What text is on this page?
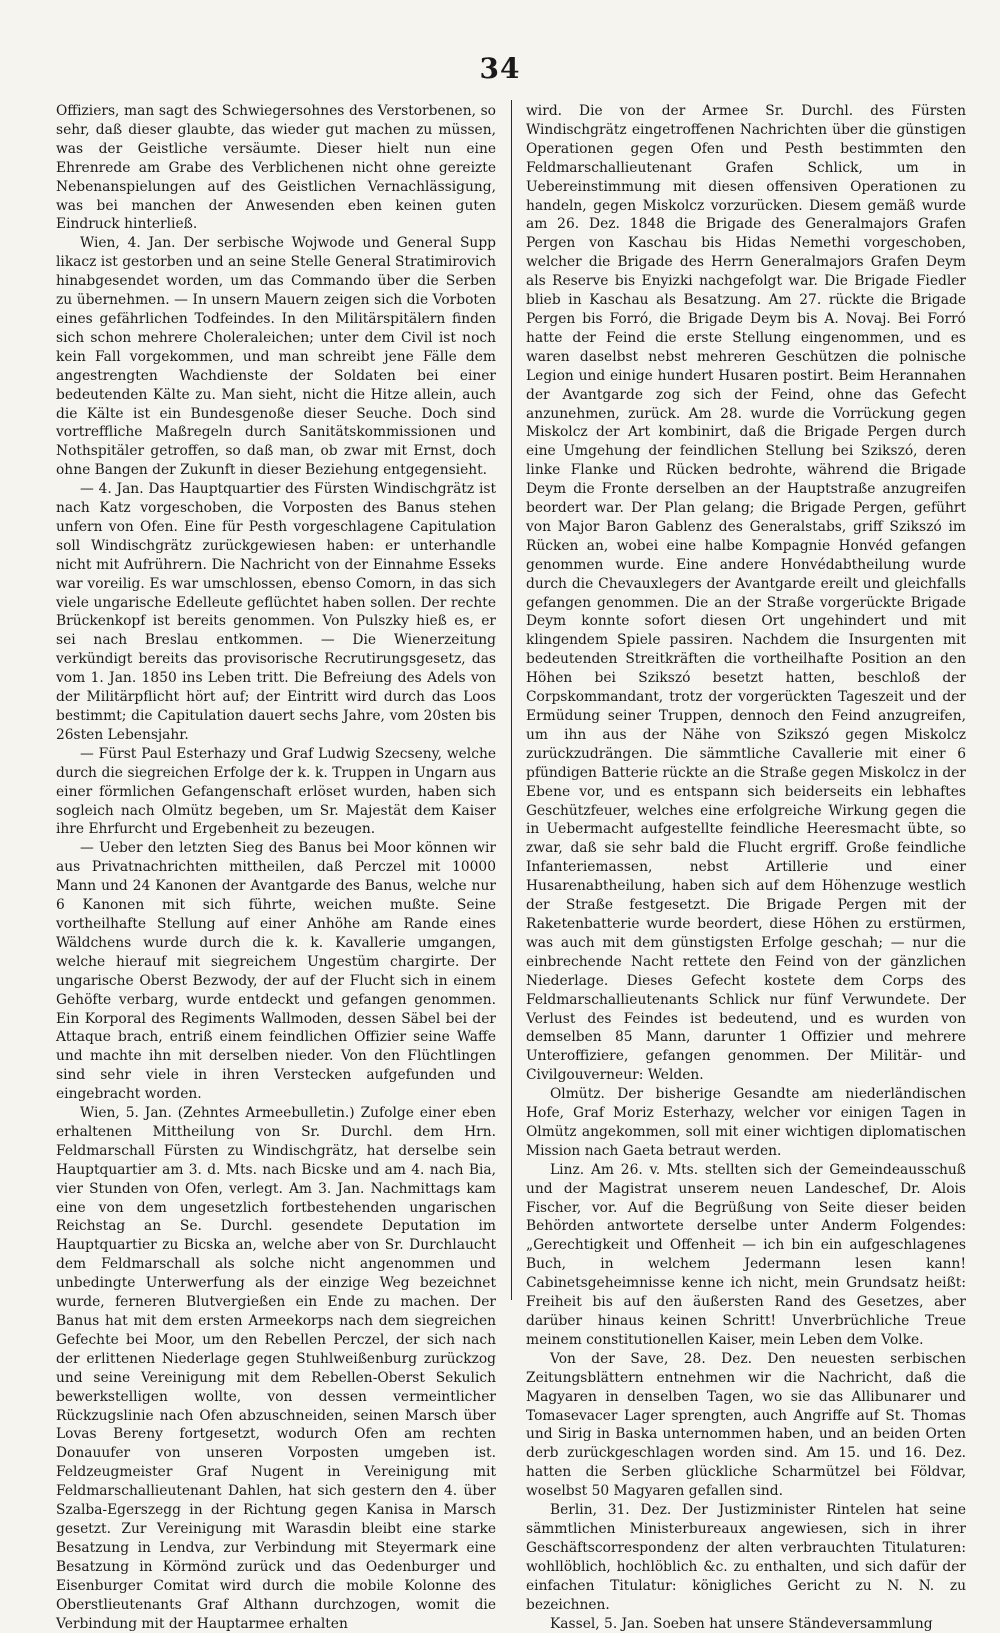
34

Offiziers, man sagt des Schwiegersohnes des Verstorbenen, so sehr, daß dieser glaubte, das wieder gut machen zu müssen, was der Geistliche versäumte. Dieser hielt nun eine Ehrenrede am Grabe des Verblichenen nicht ohne gereizte Nebenanspielungen auf des Geistlichen Vernachlässigung, was bei manchen der Anwesenden eben keinen guten Eindruck hinterließ.

Wien, 4. Jan. Der serbische Wojwode und General Supp likacz ist gestorben und an seine Stelle General Stratimirovich hinabgesendet worden, um das Commando über die Serben zu übernehmen. — In unsern Mauern zeigen sich die Vorboten eines gefährlichen Todfeindes. In den Militärspitälern finden sich schon mehrere Choleraleichen; unter dem Civil ist noch kein Fall vorgekommen, und man schreibt jene Fälle dem angestrengten Wachdienste der Soldaten bei einer bedeutenden Kälte zu. Man sieht, nicht die Hitze allein, auch die Kälte ist ein Bundesgenoße dieser Seuche. Doch sind vortreffliche Maßregeln durch Sanitätskommissionen und Nothspitäler getroffen, so daß man, ob zwar mit Ernst, doch ohne Bangen der Zukunft in dieser Beziehung entgegensieht.

— 4. Jan. Das Hauptquartier des Fürsten Windischgrätz ist nach Katz vorgeschoben, die Vorposten des Banus stehen unfern von Ofen. Eine für Pesth vorgeschlagene Capitulation soll Windischgrätz zurückgewiesen haben: er unterhandle nicht mit Aufrührern. Die Nachricht von der Einnahme Esseks war voreilig. Es war umschlossen, ebenso Comorn, in das sich viele ungarische Edelleute geflüchtet haben sollen. Der rechte Brückenkopf ist bereits genommen. Von Pulszky hieß es, er sei nach Breslau entkommen. — Die Wienerzeitung verkündigt bereits das provisorische Recrutirungsgesetz, das vom 1. Jan. 1850 ins Leben tritt. Die Befreiung des Adels von der Militärpflicht hört auf; der Eintritt wird durch das Loos bestimmt; die Capitulation dauert sechs Jahre, vom 20sten bis 26sten Lebensjahr.

— Fürst Paul Esterhazy und Graf Ludwig Szecseny, welche durch die siegreichen Erfolge der k. k. Truppen in Ungarn aus einer förmlichen Gefangenschaft erlöset wurden, haben sich sogleich nach Olmütz begeben, um Sr. Majestät dem Kaiser ihre Ehrfurcht und Ergebenheit zu bezeugen.

— Ueber den letzten Sieg des Banus bei Moor können wir aus Privatnachrichten mittheilen, daß Perczel mit 10000 Mann und 24 Kanonen der Avantgarde des Banus, welche nur 6 Kanonen mit sich führte, weichen mußte. Seine vortheilhafte Stellung auf einer Anhöhe am Rande eines Wäldchens wurde durch die k. k. Kavallerie umgangen, welche hierauf mit siegreichem Ungestüm chargirte. Der ungarische Oberst Bezwody, der auf der Flucht sich in einem Gehöfte verbarg, wurde entdeckt und gefangen genommen. Ein Korporal des Regiments Wallmoden, dessen Säbel bei der Attaque brach, entriß einem feindlichen Offizier seine Waffe und machte ihn mit derselben nieder. Von den Flüchtlingen sind sehr viele in ihren Verstecken aufgefunden und eingebracht worden.

Wien, 5. Jan. (Zehntes Armeebulletin.) Zufolge einer eben erhaltenen Mittheilung von Sr. Durchl. dem Hrn. Feldmarschall Fürsten zu Windischgrätz, hat derselbe sein Hauptquartier am 3. d. Mts. nach Bicske und am 4. nach Bia, vier Stunden von Ofen, verlegt. Am 3. Jan. Nachmittags kam eine von dem ungesetzlich fortbestehenden ungarischen Reichstag an Se. Durchl. gesendete Deputation im Hauptquartier zu Bicska an, welche aber von Sr. Durchlaucht dem Feldmarschall als solche nicht angenommen und unbedingte Unterwerfung als der einzige Weg bezeichnet wurde, ferneren Blutvergießen ein Ende zu machen. Der Banus hat mit dem ersten Armeekorps nach dem siegreichen Gefechte bei Moor, um den Rebellen Perczel, der sich nach der erlittenen Niederlage gegen Stuhlweißenburg zurückzog und seine Vereinigung mit dem Rebellen-Oberst Sekulich bewerkstelligen wollte, von dessen vermeintlicher Rückzugslinie nach Ofen abzuschneiden, seinen Marsch über Lovas Bereny fortgesetzt, wodurch Ofen am rechten Donauufer von unseren Vorposten umgeben ist. Feldzeugmeister Graf Nugent in Vereinigung mit Feldmarschallieutenant Dahlen, hat sich gestern den 4. über Szalba-Egerszegg in der Richtung gegen Kanisa in Marsch gesetzt. Zur Vereinigung mit Warasdin bleibt eine starke Besatzung in Lendva, zur Verbindung mit Steyermark eine Besatzung in Körmönd zurück und das Oedenburger und Eisenburger Comitat wird durch die mobile Kolonne des Oberstlieutenants Graf Althann durchzogen, womit die Verbindung mit der Hauptarmee erhalten

wird. Die von der Armee Sr. Durchl. des Fürsten Windischgrätz eingetroffenen Nachrichten über die günstigen Operationen gegen Ofen und Pesth bestimmten den Feldmarschallieutenant Grafen Schlick, um in Uebereinstimmung mit diesen offensiven Operationen zu handeln, gegen Miskolcz vorzurücken. Diesem gemäß wurde am 26. Dez. 1848 die Brigade des Generalmajors Grafen Pergen von Kaschau bis Hidas Nemethi vorgeschoben, welcher die Brigade des Herrn Generalmajors Grafen Deym als Reserve bis Enyizki nachgefolgt war. Die Brigade Fiedler blieb in Kaschau als Besatzung. Am 27. rückte die Brigade Pergen bis Forró, die Brigade Deym bis A. Novaj. Bei Forró hatte der Feind die erste Stellung eingenommen, und es waren daselbst nebst mehreren Geschützen die polnische Legion und einige hundert Husaren postirt. Beim Herannahen der Avantgarde zog sich der Feind, ohne das Gefecht anzunehmen, zurück. Am 28. wurde die Vorrückung gegen Miskolcz der Art kombinirt, daß die Brigade Pergen durch eine Umgehung der feindlichen Stellung bei Szikszó, deren linke Flanke und Rücken bedrohte, während die Brigade Deym die Fronte derselben an der Hauptstraße anzugreifen beordert war. Der Plan gelang; die Brigade Pergen, geführt von Major Baron Gablenz des Generalstabs, griff Szikszó im Rücken an, wobei eine halbe Kompagnie Honvéd gefangen genommen wurde. Eine andere Honvédabtheilung wurde durch die Chevauxlegers der Avantgarde ereilt und gleichfalls gefangen genommen. Die an der Straße vorgerückte Brigade Deym konnte sofort diesen Ort ungehindert und mit klingendem Spiele passiren. Nachdem die Insurgenten mit bedeutenden Streitkräften die vortheilhafte Position an den Höhen bei Szikszó besetzt hatten, beschloß der Corpskommandant, trotz der vorgerückten Tageszeit und der Ermüdung seiner Truppen, dennoch den Feind anzugreifen, um ihn aus der Nähe von Szikszó gegen Miskolcz zurückzudrängen. Die sämmtliche Cavallerie mit einer 6 pfündigen Batterie rückte an die Straße gegen Miskolcz in der Ebene vor, und es entspann sich beiderseits ein lebhaftes Geschützfeuer, welches eine erfolgreiche Wirkung gegen die in Uebermacht aufgestellte feindliche Heeresmacht übte, so zwar, daß sie sehr bald die Flucht ergriff. Große feindliche Infanteriemassen, nebst Artillerie und einer Husarenabtheilung, haben sich auf dem Höhenzuge westlich der Straße festgesetzt. Die Brigade Pergen mit der Raketenbatterie wurde beordert, diese Höhen zu erstürmen, was auch mit dem günstigsten Erfolge geschah; — nur die einbrechende Nacht rettete den Feind von der gänzlichen Niederlage. Dieses Gefecht kostete dem Corps des Feldmarschallieutenants Schlick nur fünf Verwundete. Der Verlust des Feindes ist bedeutend, und es wurden von demselben 85 Mann, darunter 1 Offizier und mehrere Unteroffiziere, gefangen genommen. Der Militär- und Civilgouverneur: Welden.

Olmütz. Der bisherige Gesandte am niederländischen Hofe, Graf Moriz Esterhazy, welcher vor einigen Tagen in Olmütz angekommen, soll mit einer wichtigen diplomatischen Mission nach Gaeta betraut werden.

Linz. Am 26. v. Mts. stellten sich der Gemeindeausschuß und der Magistrat unserem neuen Landeschef, Dr. Alois Fischer, vor. Auf die Begrüßung von Seite dieser beiden Behörden antwortete derselbe unter Anderm Folgendes: „Gerechtigkeit und Offenheit — ich bin ein aufgeschlagenes Buch, in welchem Jedermann lesen kann! Cabinetsgeheimnisse kenne ich nicht, mein Grundsatz heißt: Freiheit bis auf den äußersten Rand des Gesetzes, aber darüber hinaus keinen Schritt! Unverbrüchliche Treue meinem constitutionellen Kaiser, mein Leben dem Volke.

Von der Save, 28. Dez. Den neuesten serbischen Zeitungsblättern entnehmen wir die Nachricht, daß die Magyaren in denselben Tagen, wo sie das Allibunarer und Tomasevacer Lager sprengten, auch Angriffe auf St. Thomas und Sirig in Baska unternommen haben, und an beiden Orten derb zurückgeschlagen worden sind. Am 15. und 16. Dez. hatten die Serben glückliche Scharmützel bei Földvar, woselbst 50 Magyaren gefallen sind.

Berlin, 31. Dez. Der Justizminister Rintelen hat seine sämmtlichen Ministerbureaux angewiesen, sich in ihrer Geschäftscorrespondenz der alten verbrauchten Titulaturen: wohllöblich, hochlöblich &c. zu enthalten, und sich dafür der einfachen Titulatur: königliches Gericht zu N. N. zu bezeichnen.

Kassel, 5. Jan. Soeben hat unsere Ständeversammlung
